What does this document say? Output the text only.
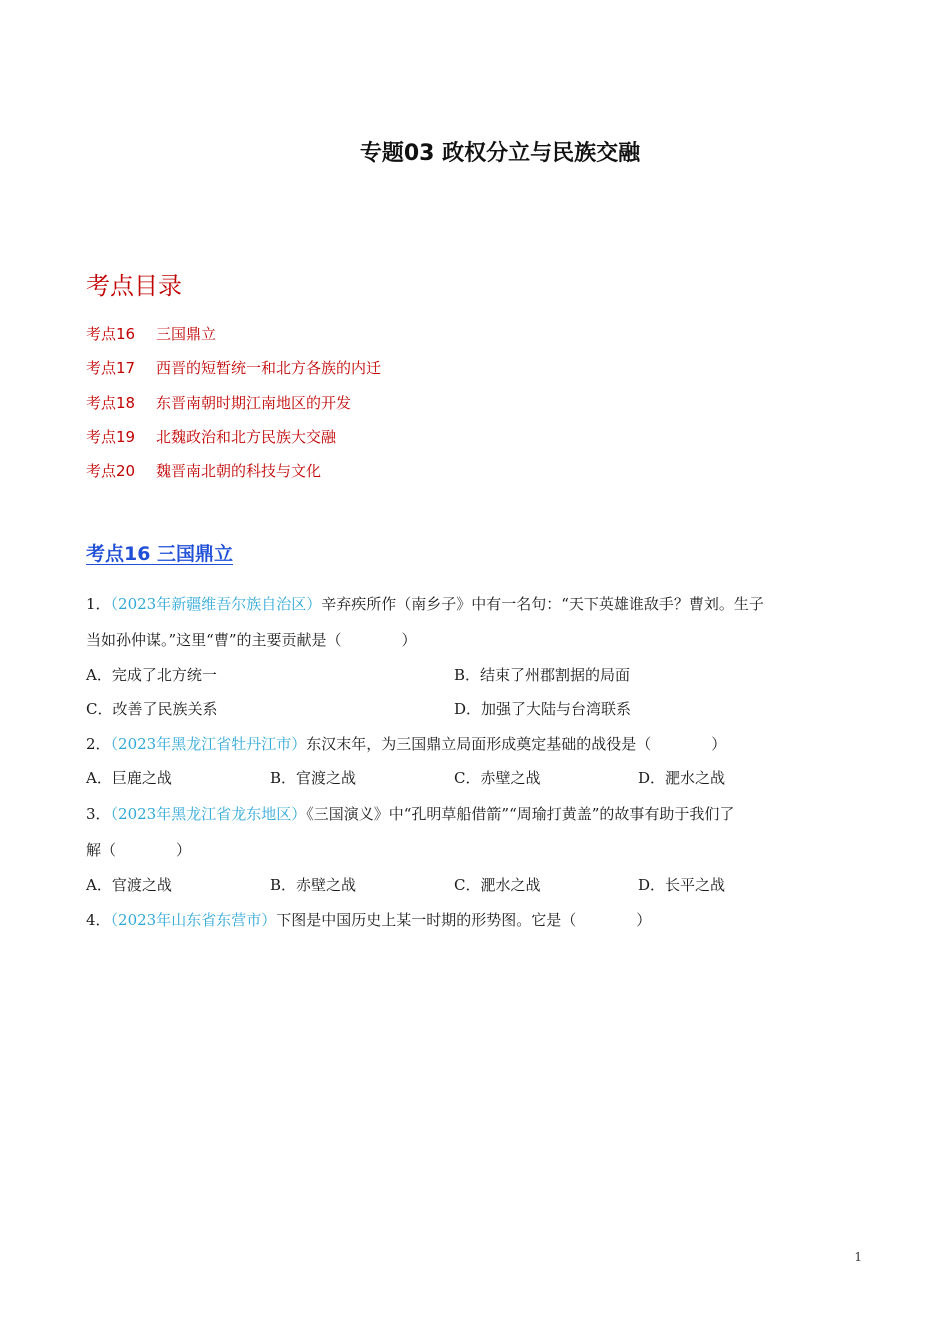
专题03 政权分立与民族交融
考点目录
考点16 三国鼎立
考点17 西晋的短暂统一和北方各族的内迁
考点18 东晋南朝时期江南地区的开发
考点19 北魏政治和北方民族大交融
考点20 魏晋南北朝的科技与文化
考点16 三国鼎立
1．（2023年新疆维吾尔族自治区）辛弃疾所作（南乡子》中有一名句：“天下英雄谁敌手？曹刘。生子
当如孙仲谋。”这里“曹”的主要贡献是（　　　　）
A．完成了北方统一	B．结束了州郡割据的局面
C．改善了民族关系	D．加强了大陆与台湾联系
2．（2023年黑龙江省牡丹江市）东汉末年，为三国鼎立局面形成奠定基础的战役是（　　　　）
A．巨鹿之战	B．官渡之战	C．赤壁之战	D．淝水之战
3．（2023年黑龙江省龙东地区）《三国演义》中“孔明草船借箭”“周瑜打黄盖”的故事有助于我们了
解（　　　　）
A．官渡之战	B．赤壁之战	C．淝水之战	D．长平之战
4．（2023年山东省东营市）下图是中国历史上某一时期的形势图。它是（　　　　）
1
